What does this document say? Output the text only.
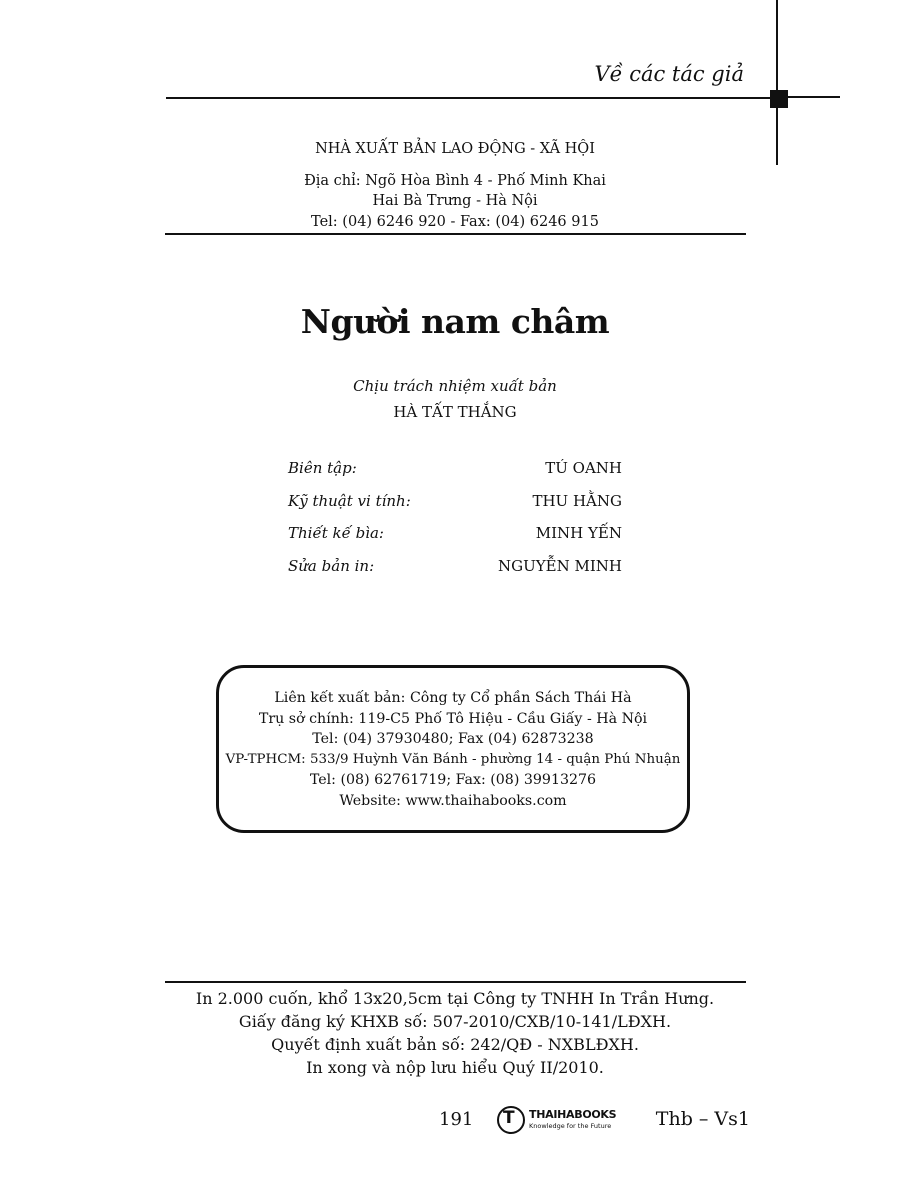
Về các tác giả
NHÀ XUẤT BẢN LAO ĐỘNG - XÃ HỘI
Địa chỉ: Ngõ Hòa Bình 4 - Phố Minh Khai
Hai Bà Trưng - Hà Nội
Tel: (04) 6246 920 - Fax: (04) 6246 915
Người nam châm
Chịu trách nhiệm xuất bản
HÀ TẤT THẮNG
Biên tập:	TÚ OANH
Kỹ thuật vi tính:	THU HẰNG
Thiết kế bìa:	MINH YẾN
Sửa bản in:	NGUYỄN MINH
Liên kết xuất bản: Công ty Cổ phần Sách Thái Hà
Trụ sở chính: 119-C5 Phố Tô Hiệu - Cầu Giấy - Hà Nội
Tel: (04) 37930480; Fax (04) 62873238
VP-TPHCM: 533/9 Huỳnh Văn Bánh - phường 14 - quận Phú Nhuận
Tel: (08) 62761719; Fax: (08) 39913276
Website: www.thaihabooks.com
In 2.000 cuốn, khổ 13x20,5cm tại Công ty TNHH In Trần Hưng.
Giấy đăng ký KHXB số: 507-2010/CXB/10-141/LĐXH.
Quyết định xuất bản số: 242/QĐ - NXBLĐXH.
In xong và nộp lưu hiểu Quý II/2010.
191 T THAIHABOOKS
Knowledge for the Future Thb – Vs1
